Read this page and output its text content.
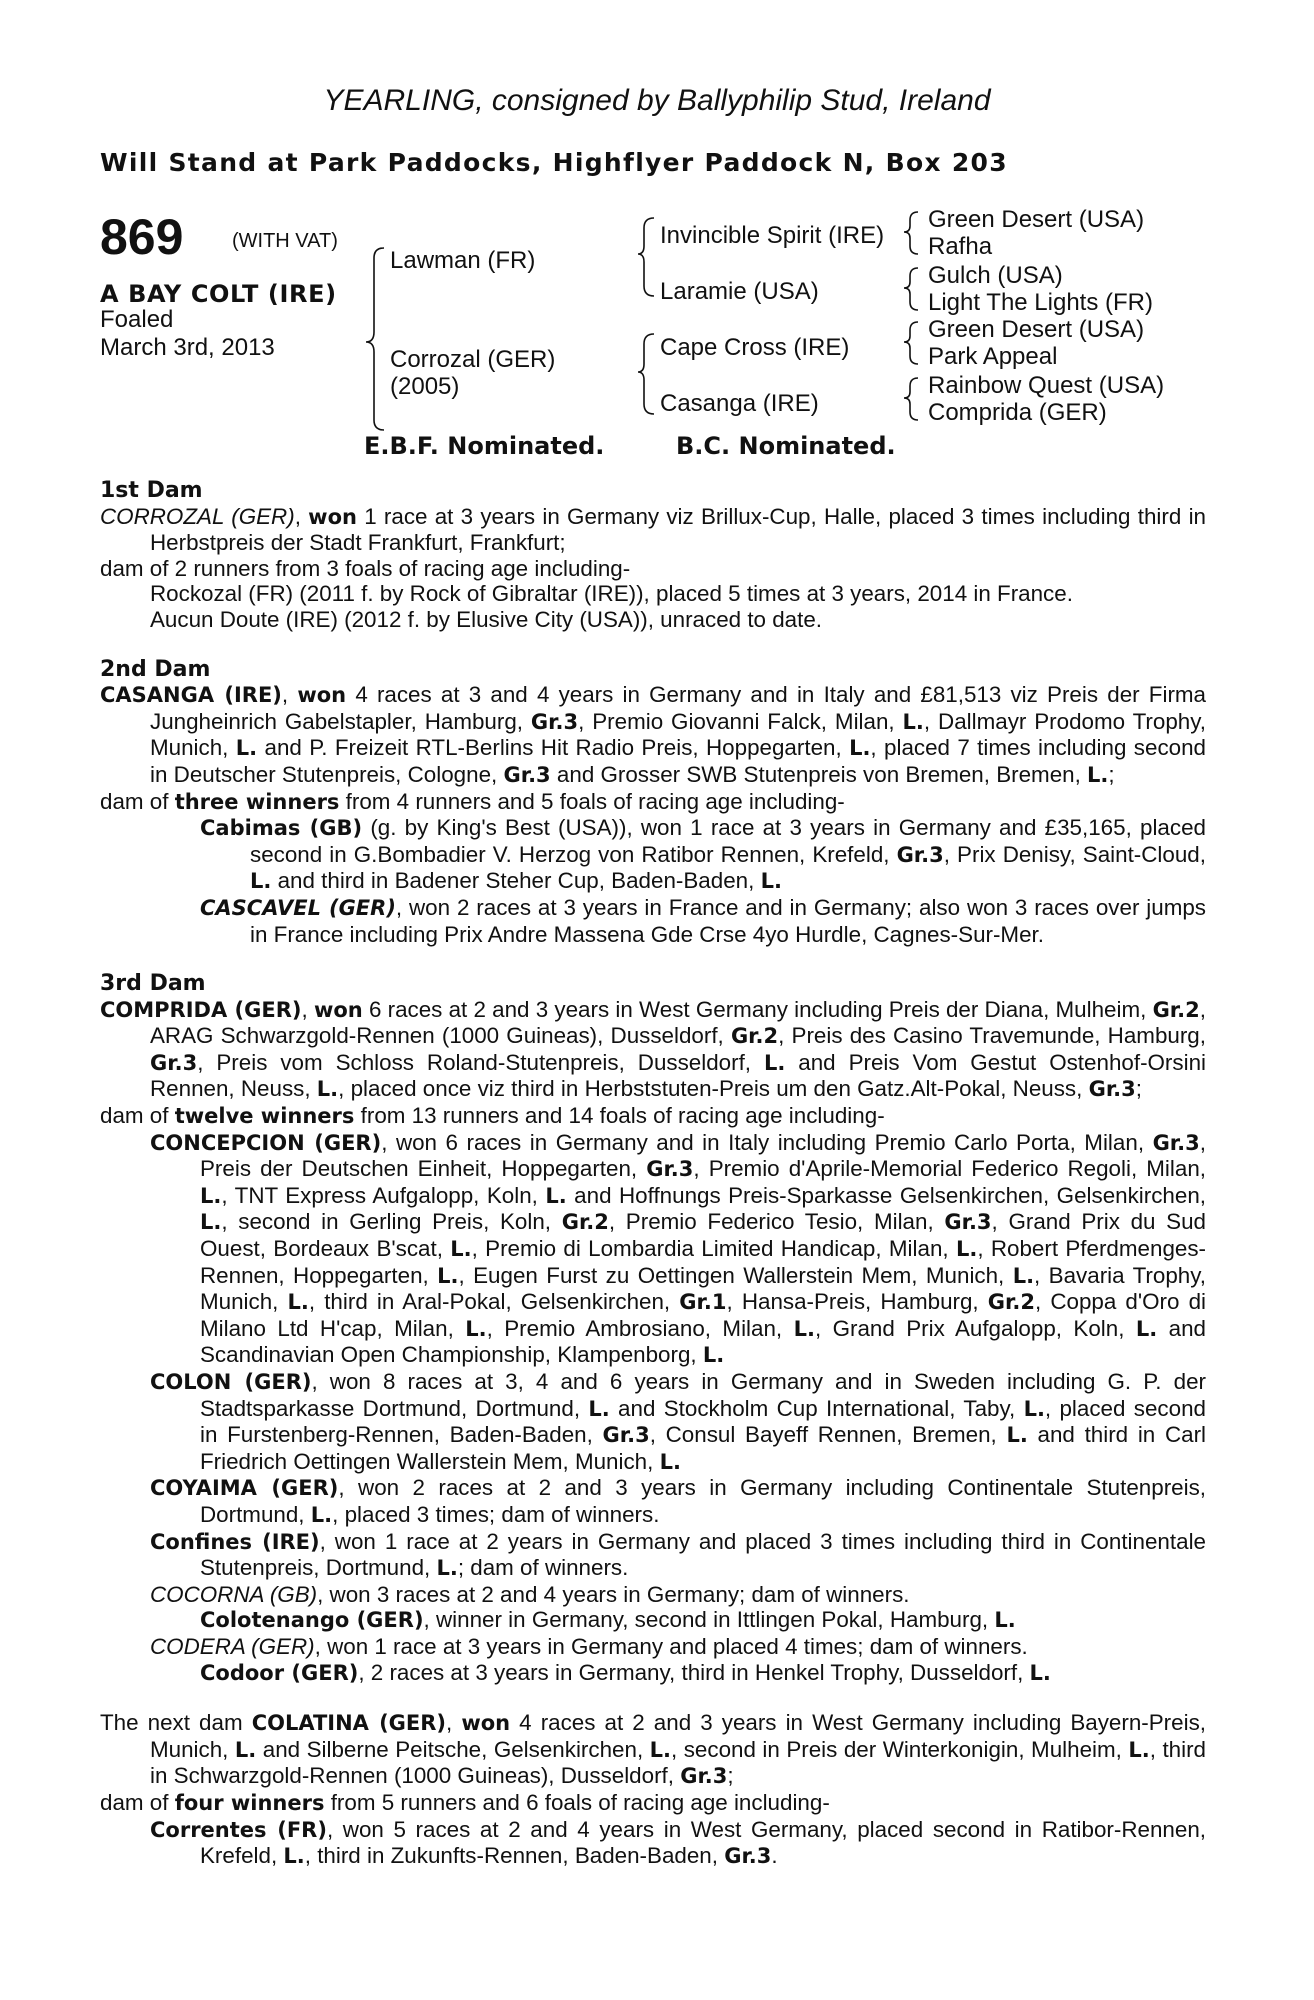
YEARLING, consigned by Ballyphilip Stud, Ireland
Will Stand at Park Paddocks, Highflyer Paddock N, Box 203
869 (WITH VAT)
A BAY COLT (IRE)
Foaled
March 3rd, 2013
Lawman (FR)
Corrozal (GER)
(2005)
Invincible Spirit (IRE)
Laramie (USA)
Cape Cross (IRE)
Casanga (IRE)
Green Desert (USA)
Rafha
Gulch (USA)
Light The Lights (FR)
Green Desert (USA)
Park Appeal
Rainbow Quest (USA)
Comprida (GER)
E.B.F. Nominated.	B.C. Nominated.
1st Dam

CORROZAL (GER), won 1 race at 3 years in Germany viz Brillux-Cup, Halle, placed 3 times including third in Herbstpreis der Stadt Frankfurt, Frankfurt;

dam of 2 runners from 3 foals of racing age including-

Rockozal (FR) (2011 f. by Rock of Gibraltar (IRE)), placed 5 times at 3 years, 2014 in France.

Aucun Doute (IRE) (2012 f. by Elusive City (USA)), unraced to date.

2nd Dam

CASANGA (IRE), won 4 races at 3 and 4 years in Germany and in Italy and £81,513 viz Preis der Firma Jungheinrich Gabelstapler, Hamburg, Gr.3, Premio Giovanni Falck, Milan, L., Dallmayr Prodomo Trophy, Munich, L. and P. Freizeit RTL-Berlins Hit Radio Preis, Hoppegarten, L., placed 7 times including second in Deutscher Stutenpreis, Cologne, Gr.3 and Grosser SWB Stutenpreis von Bremen, Bremen, L.;

dam of three winners from 4 runners and 5 foals of racing age including-

Cabimas (GB) (g. by King's Best (USA)), won 1 race at 3 years in Germany and £35,165, placed second in G.Bombadier V. Herzog von Ratibor Rennen, Krefeld, Gr.3, Prix Denisy, Saint-Cloud, L. and third in Badener Steher Cup, Baden-Baden, L.

CASCAVEL (GER), won 2 races at 3 years in France and in Germany; also won 3 races over jumps in France including Prix Andre Massena Gde Crse 4yo Hurdle, Cagnes-Sur-Mer.

3rd Dam

COMPRIDA (GER), won 6 races at 2 and 3 years in West Germany including Preis der Diana, Mulheim, Gr.2, ARAG Schwarzgold-Rennen (1000 Guineas), Dusseldorf, Gr.2, Preis des Casino Travemunde, Hamburg, Gr.3, Preis vom Schloss Roland-Stutenpreis, Dusseldorf, L. and Preis Vom Gestut Ostenhof-Orsini Rennen, Neuss, L., placed once viz third in Herbststuten-Preis um den Gatz.Alt-Pokal, Neuss, Gr.3;

dam of twelve winners from 13 runners and 14 foals of racing age including-

CONCEPCION (GER), won 6 races in Germany and in Italy including Premio Carlo Porta, Milan, Gr.3, Preis der Deutschen Einheit, Hoppegarten, Gr.3, Premio d'Aprile-Memorial Federico Regoli, Milan, L., TNT Express Aufgalopp, Koln, L. and Hoffnungs Preis-Sparkasse Gelsenkirchen, Gelsenkirchen, L., second in Gerling Preis, Koln, Gr.2, Premio Federico Tesio, Milan, Gr.3, Grand Prix du Sud Ouest, Bordeaux B'scat, L., Premio di Lombardia Limited Handicap, Milan, L., Robert Pferdmenges-Rennen, Hoppegarten, L., Eugen Furst zu Oettingen Wallerstein Mem, Munich, L., Bavaria Trophy, Munich, L., third in Aral-Pokal, Gelsenkirchen, Gr.1, Hansa-Preis, Hamburg, Gr.2, Coppa d'Oro di Milano Ltd H'cap, Milan, L., Premio Ambrosiano, Milan, L., Grand Prix Aufgalopp, Koln, L. and Scandinavian Open Championship, Klampenborg, L.

COLON (GER), won 8 races at 3, 4 and 6 years in Germany and in Sweden including G. P. der Stadtsparkasse Dortmund, Dortmund, L. and Stockholm Cup International, Taby, L., placed second in Furstenberg-Rennen, Baden-Baden, Gr.3, Consul Bayeff Rennen, Bremen, L. and third in Carl Friedrich Oettingen Wallerstein Mem, Munich, L.

COYAIMA (GER), won 2 races at 2 and 3 years in Germany including Continentale Stutenpreis, Dortmund, L., placed 3 times; dam of winners.

Confines (IRE), won 1 race at 2 years in Germany and placed 3 times including third in Continentale Stutenpreis, Dortmund, L.; dam of winners.

COCORNA (GB), won 3 races at 2 and 4 years in Germany; dam of winners.

Colotenango (GER), winner in Germany, second in Ittlingen Pokal, Hamburg, L.

CODERA (GER), won 1 race at 3 years in Germany and placed 4 times; dam of winners.

Codoor (GER), 2 races at 3 years in Germany, third in Henkel Trophy, Dusseldorf, L.

The next dam COLATINA (GER), won 4 races at 2 and 3 years in West Germany including Bayern-Preis, Munich, L. and Silberne Peitsche, Gelsenkirchen, L., second in Preis der Winterkonigin, Mulheim, L., third in Schwarzgold-Rennen (1000 Guineas), Dusseldorf, Gr.3;

dam of four winners from 5 runners and 6 foals of racing age including-

Correntes (FR), won 5 races at 2 and 4 years in West Germany, placed second in Ratibor-Rennen, Krefeld, L., third in Zukunfts-Rennen, Baden-Baden, Gr.3.
